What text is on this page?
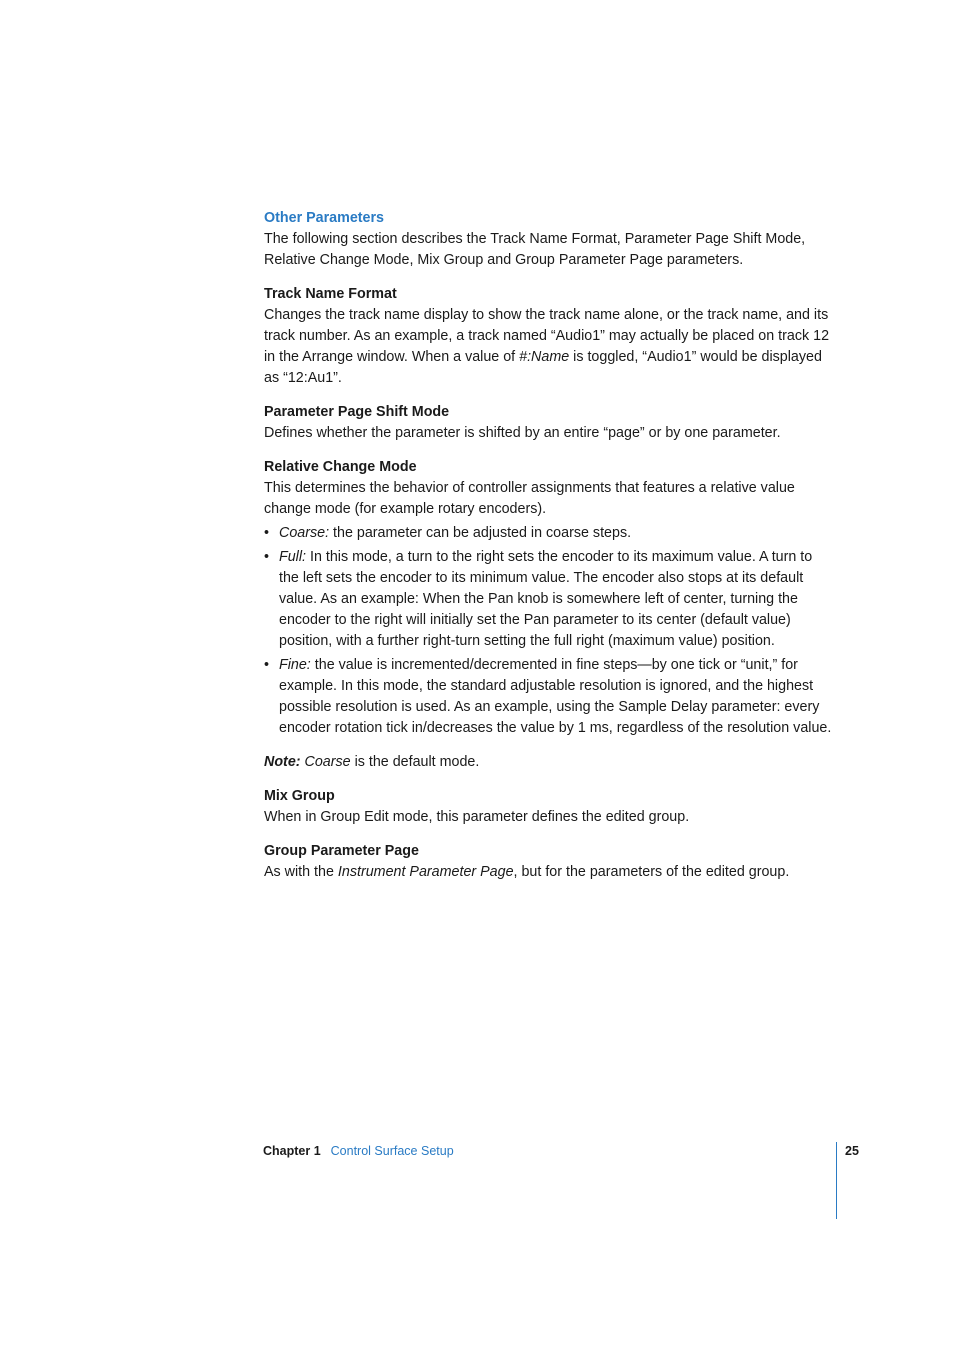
Other Parameters

The following section describes the Track Name Format, Parameter Page Shift Mode, Relative Change Mode, Mix Group and Group Parameter Page parameters.

Track Name Format

Changes the track name display to show the track name alone, or the track name, and its track number. As an example, a track named “Audio1” may actually be placed on track 12 in the Arrange window. When a value of #:Name is toggled, “Audio1” would be displayed as “12:Au1”.

Parameter Page Shift Mode

Defines whether the parameter is shifted by an entire “page” or by one parameter.

Relative Change Mode

This determines the behavior of controller assignments that features a relative value change mode (for example rotary encoders).

• Coarse: the parameter can be adjusted in coarse steps.
• Full: In this mode, a turn to the right sets the encoder to its maximum value. A turn to the left sets the encoder to its minimum value. The encoder also stops at its default value. As an example: When the Pan knob is somewhere left of center, turning the encoder to the right will initially set the Pan parameter to its center (default value) position, with a further right-turn setting the full right (maximum value) position.
• Fine: the value is incremented/decremented in fine steps—by one tick or “unit,” for example. In this mode, the standard adjustable resolution is ignored, and the highest possible resolution is used. As an example, using the Sample Delay parameter: every encoder rotation tick in/decreases the value by 1 ms, regardless of the resolution value.

Note: Coarse is the default mode.

Mix Group

When in Group Edit mode, this parameter defines the edited group.

Group Parameter Page

As with the Instrument Parameter Page, but for the parameters of the edited group.

Chapter 1 Control Surface Setup	25
